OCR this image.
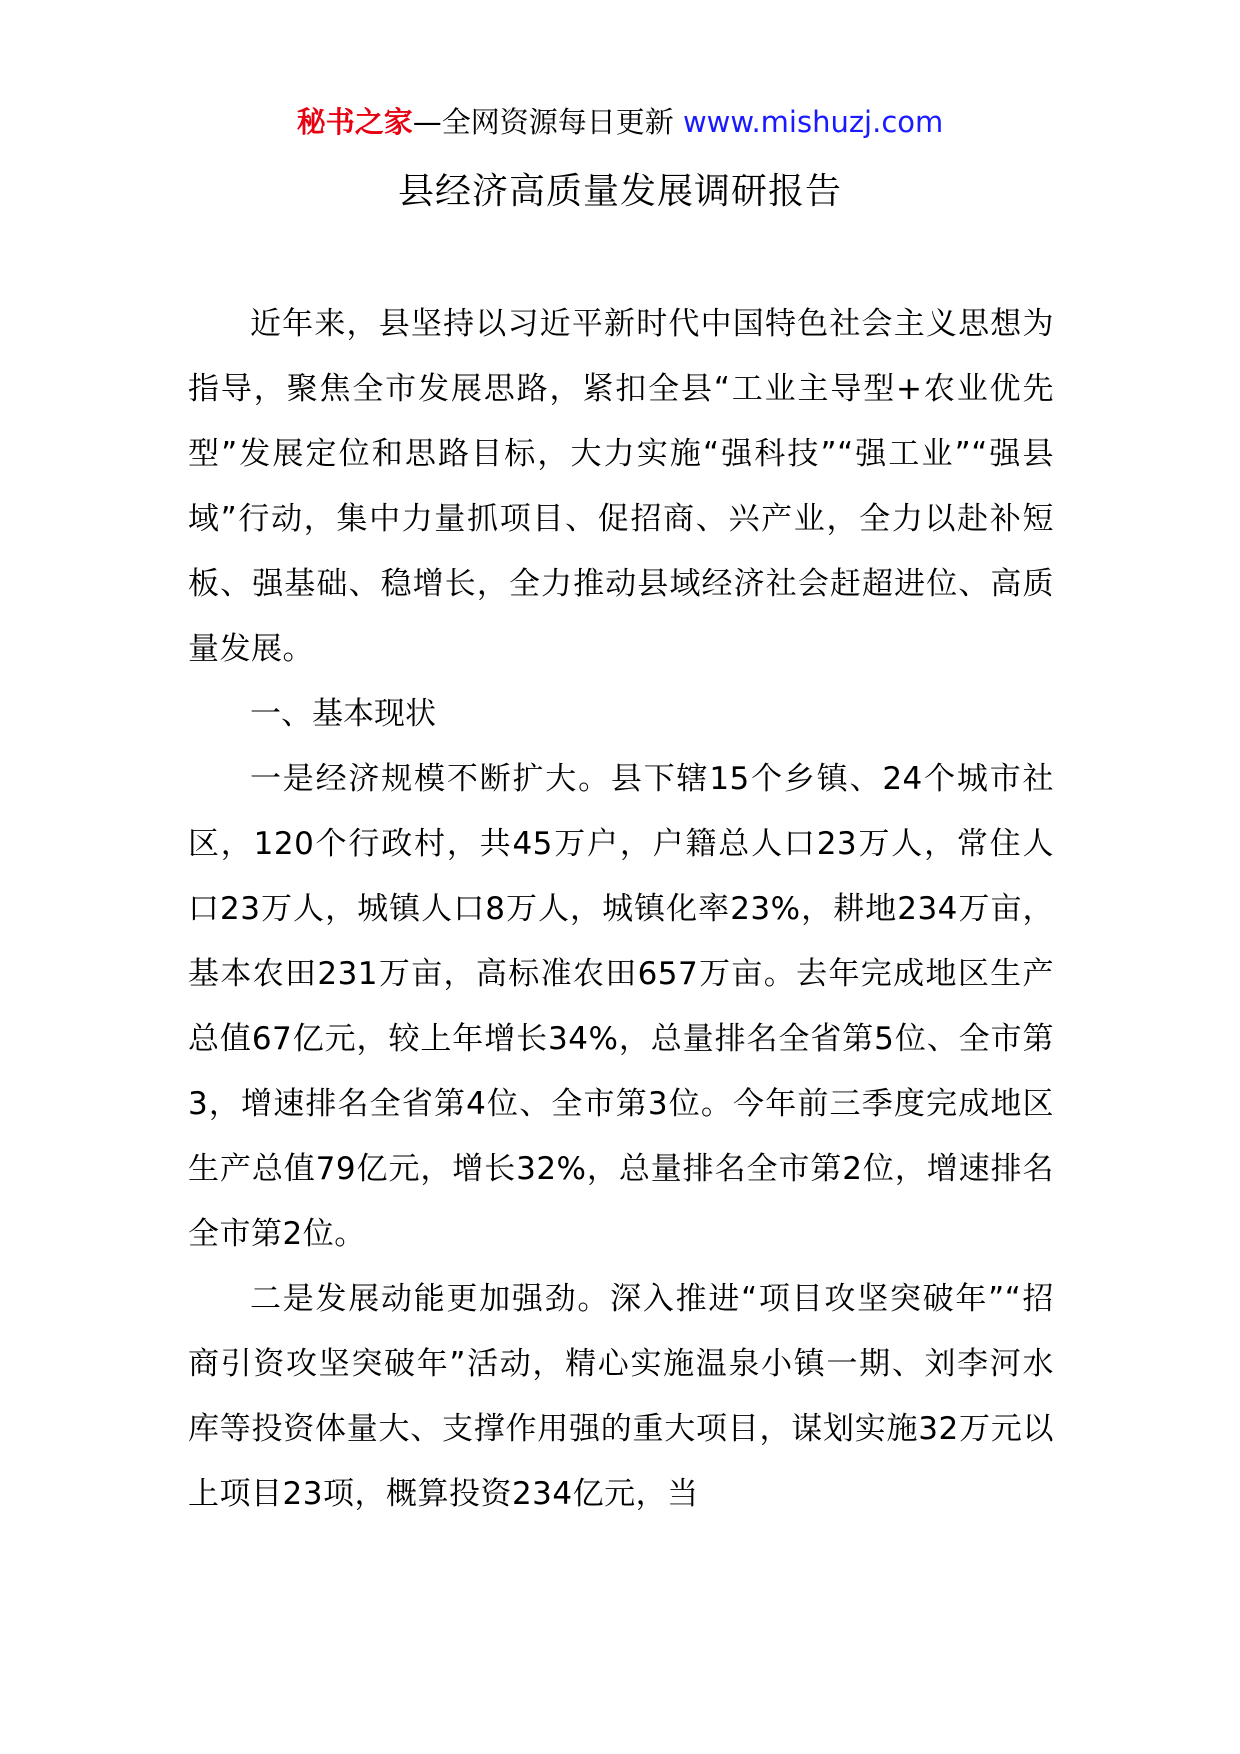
秘书之家—全网资源每日更新 www.mishuzj.com
县经济高质量发展调研报告

近年来，县坚持以习近平新时代中国特色社会主义思想为指导，聚焦全市发展思路，紧扣全县“工业主导型+农业优先型”发展定位和思路目标，大力实施“强科技”“强工业”“强县域”行动，集中力量抓项目、促招商、兴产业，全力以赴补短板、强基础、稳增长，全力推动县域经济社会赶超进位、高质量发展。

一、基本现状

一是经济规模不断扩大。县下辖15个乡镇、24个城市社区，120个行政村，共45万户，户籍总人口23万人，常住人口23万人，城镇人口8万人，城镇化率23%，耕地234万亩，基本农田231万亩，高标准农田657万亩。去年完成地区生产总值67亿元，较上年增长34%，总量排名全省第5位、全市第3，增速排名全省第4位、全市第3位。今年前三季度完成地区生产总值79亿元，增长32%，总量排名全市第2位，增速排名全市第2位。

二是发展动能更加强劲。深入推进“项目攻坚突破年”“招商引资攻坚突破年”活动，精心实施温泉小镇一期、刘李河水库等投资体量大、支撑作用强的重大项目，谋划实施32万元以上项目23项，概算投资234亿元，当
